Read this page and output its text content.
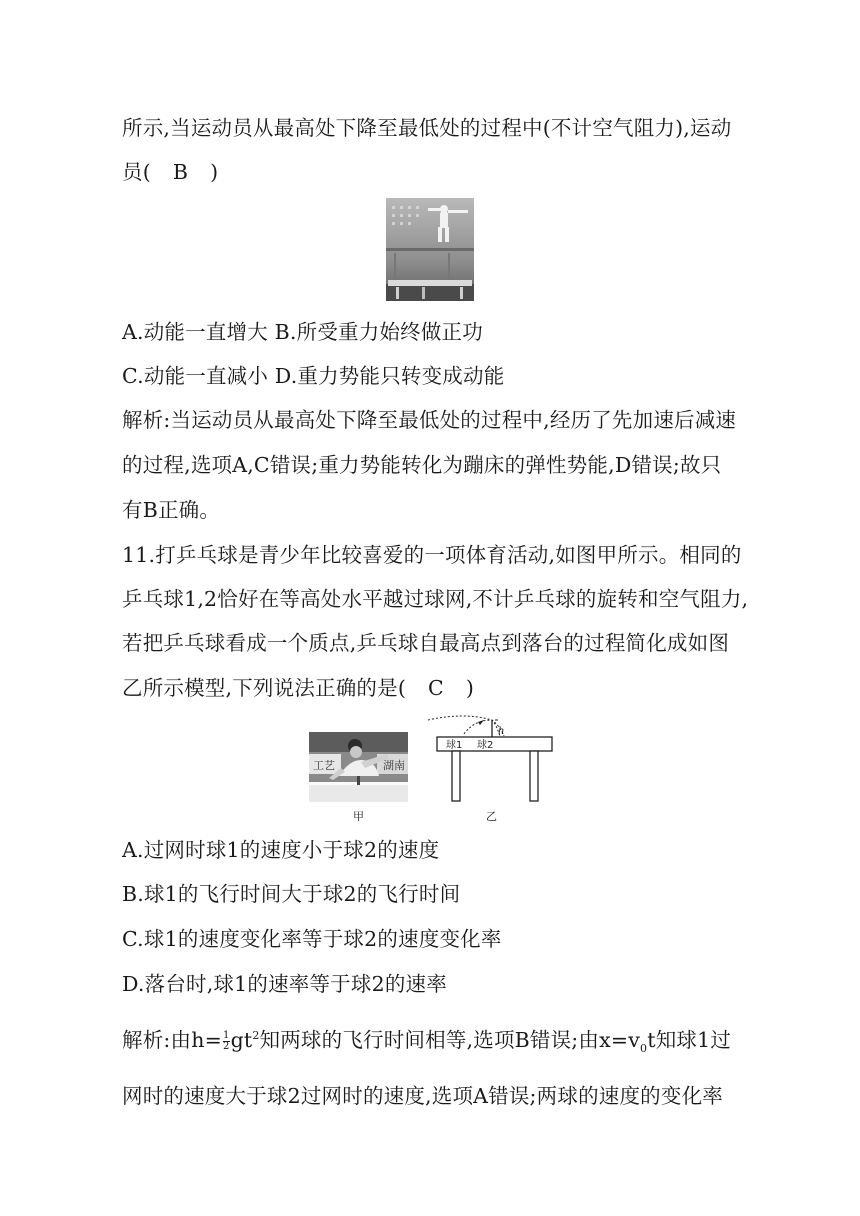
所示,当运动员从最高处下降至最低处的过程中(不计空气阻力),运动
员( B )
A.动能一直增大 B.所受重力始终做正功
C.动能一直减小 D.重力势能只转变成动能
解析:当运动员从最高处下降至最低处的过程中,经历了先加速后减速
的过程,选项A,C错误;重力势能转化为蹦床的弹性势能,D错误;故只
有B正确。
11.打乒乓球是青少年比较喜爱的一项体育活动,如图甲所示。相同的
乒乓球1,2恰好在等高处水平越过球网,不计乒乓球的旋转和空气阻力,
若把乒乓球看成一个质点,乒乓球自最高点到落台的过程简化成如图
乙所示模型,下列说法正确的是( C )
工艺	湖南
甲
h
球1 球2
乙
A.过网时球1的速度小于球2的速度
B.球1的飞行时间大于球2的飞行时间
C.球1的速度变化率等于球2的速度变化率
D.落台时,球1的速率等于球2的速率
解析:由$h= \frac{1}{2} gt^2$知两球的飞行时间相等,选项B错误;由$x=v_0t$知球1过
网时的速度大于球2过网时的速度,选项A错误;两球的速度的变化率
